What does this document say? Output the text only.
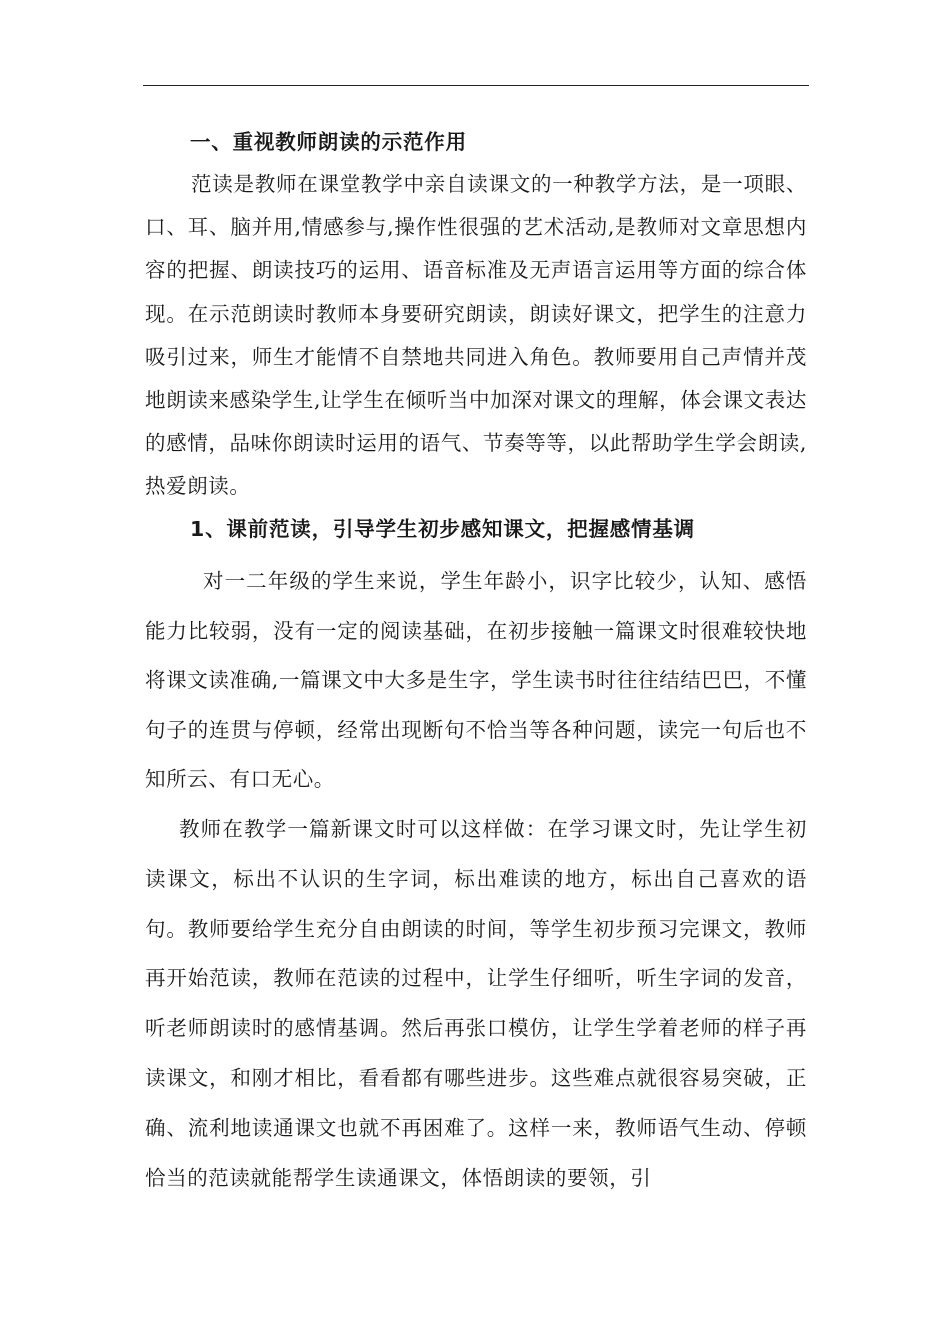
一、重视教师朗读的示范作用

范读是教师在课堂教学中亲自读课文的一种教学方法，是一项眼、口、耳、脑并用,情感参与,操作性很强的艺术活动,是教师对文章思想内容的把握、朗读技巧的运用、语音标准及无声语言运用等方面的综合体现。在示范朗读时教师本身要研究朗读，朗读好课文，把学生的注意力吸引过来，师生才能情不自禁地共同进入角色。教师要用自己声情并茂地朗读来感染学生,让学生在倾听当中加深对课文的理解，体会课文表达的感情，品味你朗读时运用的语气、节奏等等，以此帮助学生学会朗读,热爱朗读。

1、课前范读，引导学生初步感知课文，把握感情基调

对一二年级的学生来说，学生年龄小，识字比较少，认知、感悟能力比较弱，没有一定的阅读基础，在初步接触一篇课文时很难较快地将课文读准确,一篇课文中大多是生字，学生读书时往往结结巴巴，不懂句子的连贯与停顿，经常出现断句不恰当等各种问题，读完一句后也不知所云、有口无心。

教师在教学一篇新课文时可以这样做：在学习课文时，先让学生初读课文，标出不认识的生字词，标出难读的地方，标出自己喜欢的语句。教师要给学生充分自由朗读的时间，等学生初步预习完课文，教师再开始范读，教师在范读的过程中，让学生仔细听，听生字词的发音，听老师朗读时的感情基调。然后再张口模仿，让学生学着老师的样子再读课文，和刚才相比，看看都有哪些进步。这些难点就很容易突破，正确、流利地读通课文也就不再困难了。这样一来，教师语气生动、停顿恰当的范读就能帮学生读通课文，体悟朗读的要领，引
